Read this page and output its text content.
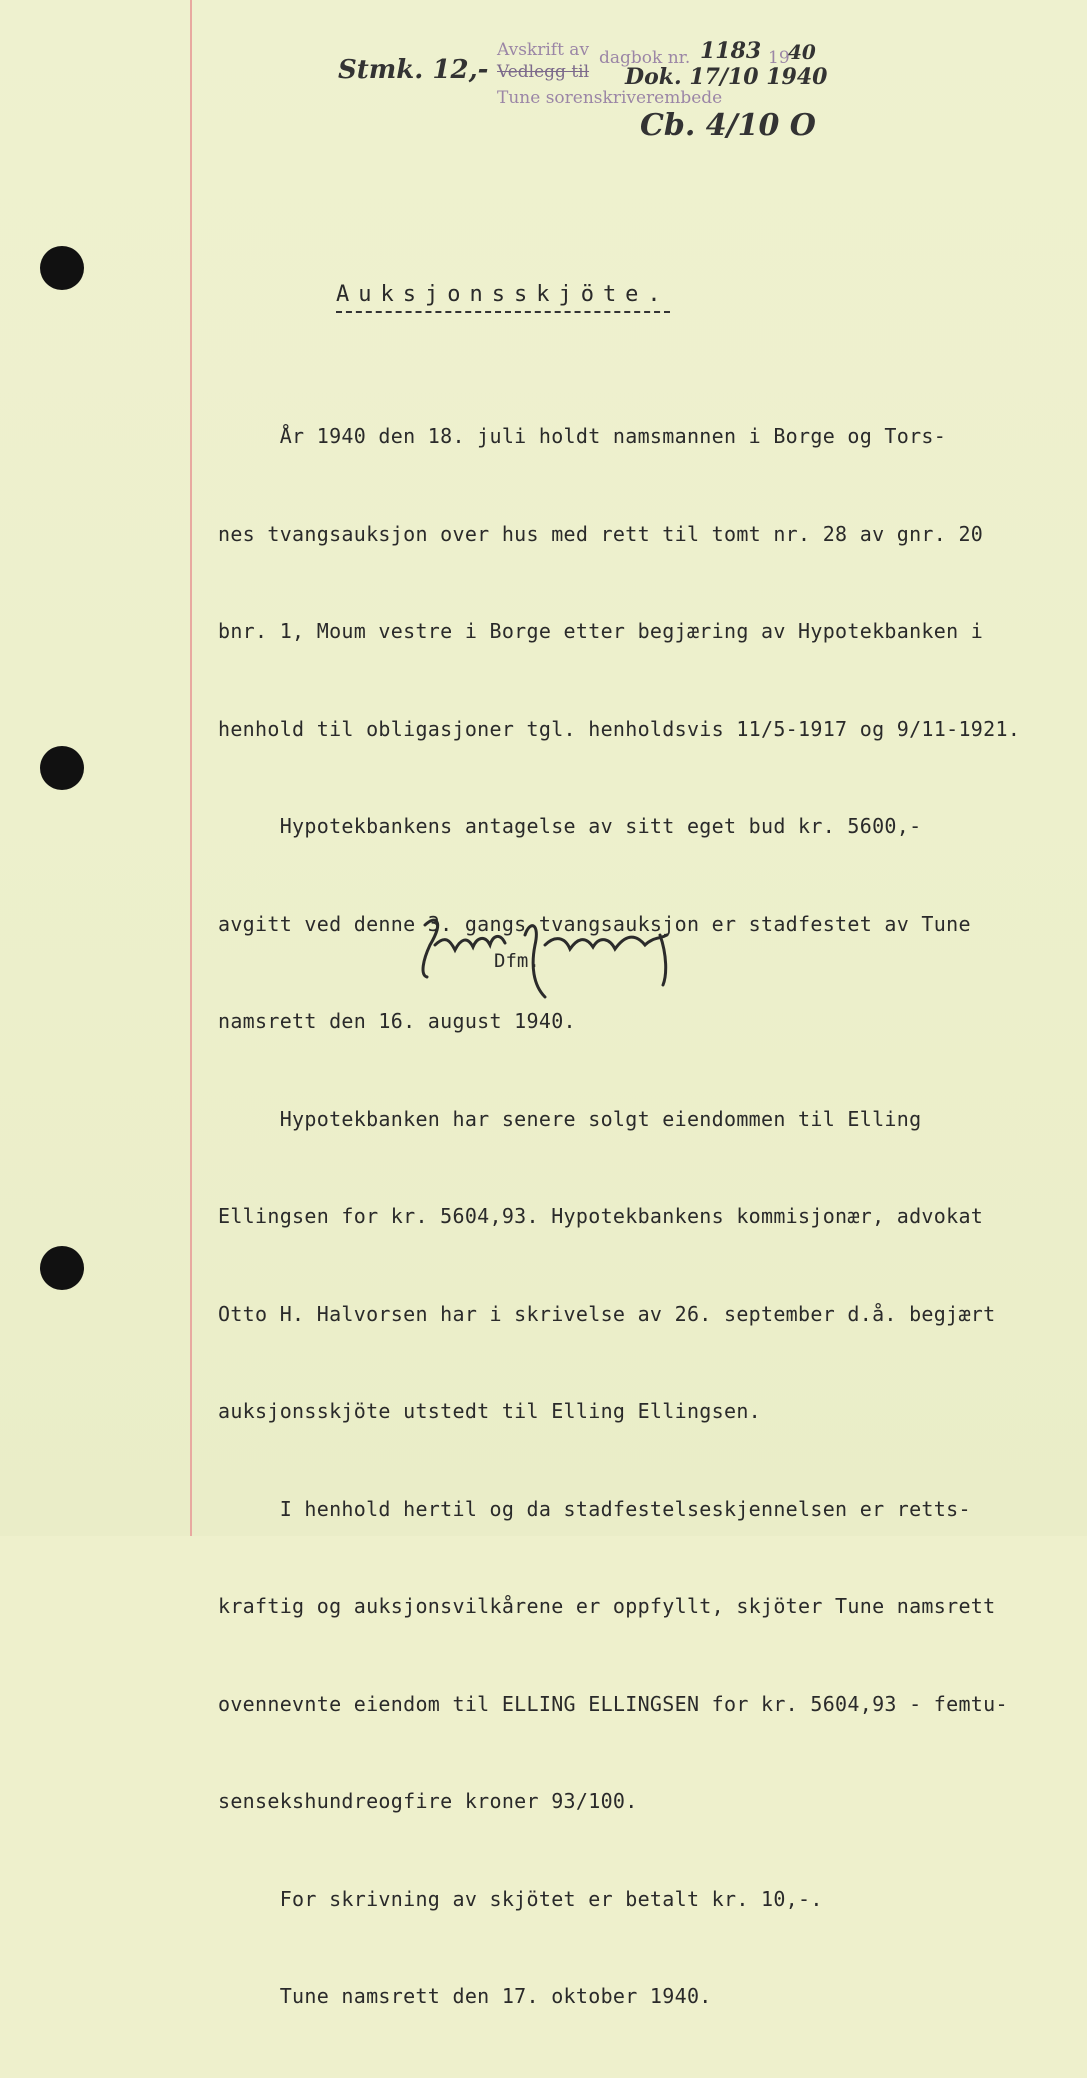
Avskrift av
Vedlegg til
dagbok nr. 1183 19
40
Tune sorenskriverembede
Stmk. 12,-	Dok. 17/10 1940
Cb. 4/10 O
Auksjonsskjöte.

År 1940 den 18. juli holdt namsmannen i Borge og Tors-

nes tvangsauksjon over hus med rett til tomt nr. 28 av gnr. 20

bnr. 1, Moum vestre i Borge etter begjæring av Hypotekbanken i

henhold til obligasjoner tgl. henholdsvis 11/5-1917 og 9/11-1921.

Hypotekbankens antagelse av sitt eget bud kr. 5600,-

avgitt ved denne 3. gangs tvangsauksjon er stadfestet av Tune

namsrett den 16. august 1940.

Hypotekbanken har senere solgt eiendommen til Elling

Ellingsen for kr. 5604,93. Hypotekbankens kommisjonær, advokat

Otto H. Halvorsen har i skrivelse av 26. september d.å. begjært

auksjonsskjöte utstedt til Elling Ellingsen.

I henhold hertil og da stadfestelseskjennelsen er retts-

kraftig og auksjonsvilkårene er oppfyllt, skjöter Tune namsrett

ovennevnte eiendom til ELLING ELLINGSEN for kr. 5604,93 - femtu-

sensekshundreogfire kroner 93/100.

For skrivning av skjötet er betalt kr. 10,-.

Tune namsrett den 17. oktober 1940.

Dfm.
